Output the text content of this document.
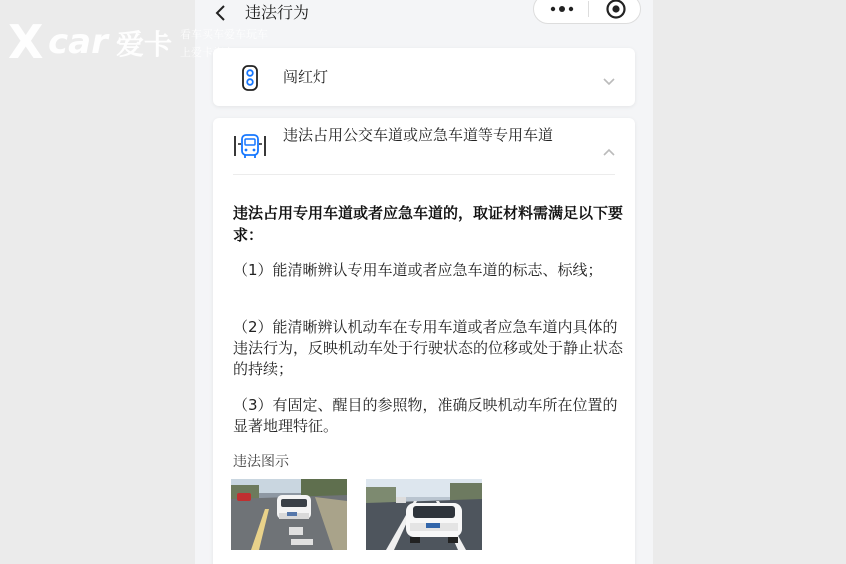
违法行为
闯红灯
违法占用公交车道或应急车道等专用车道
违法占用专用车道或者应急车道的，取证材料需满足以下要求：
（1）能清晰辨认专用车道或者应急车道的标志、标线；
（2）能清晰辨认机动车在专用车道或者应急车道内具体的违法行为，反映机动车处于行驶状态的位移或处于静止状态的持续；
（3）有固定、醒目的参照物，准确反映机动车所在位置的显著地理特征。
违法图示
X car 爱卡 看车买车爱车玩车
上爱卡汽车App
